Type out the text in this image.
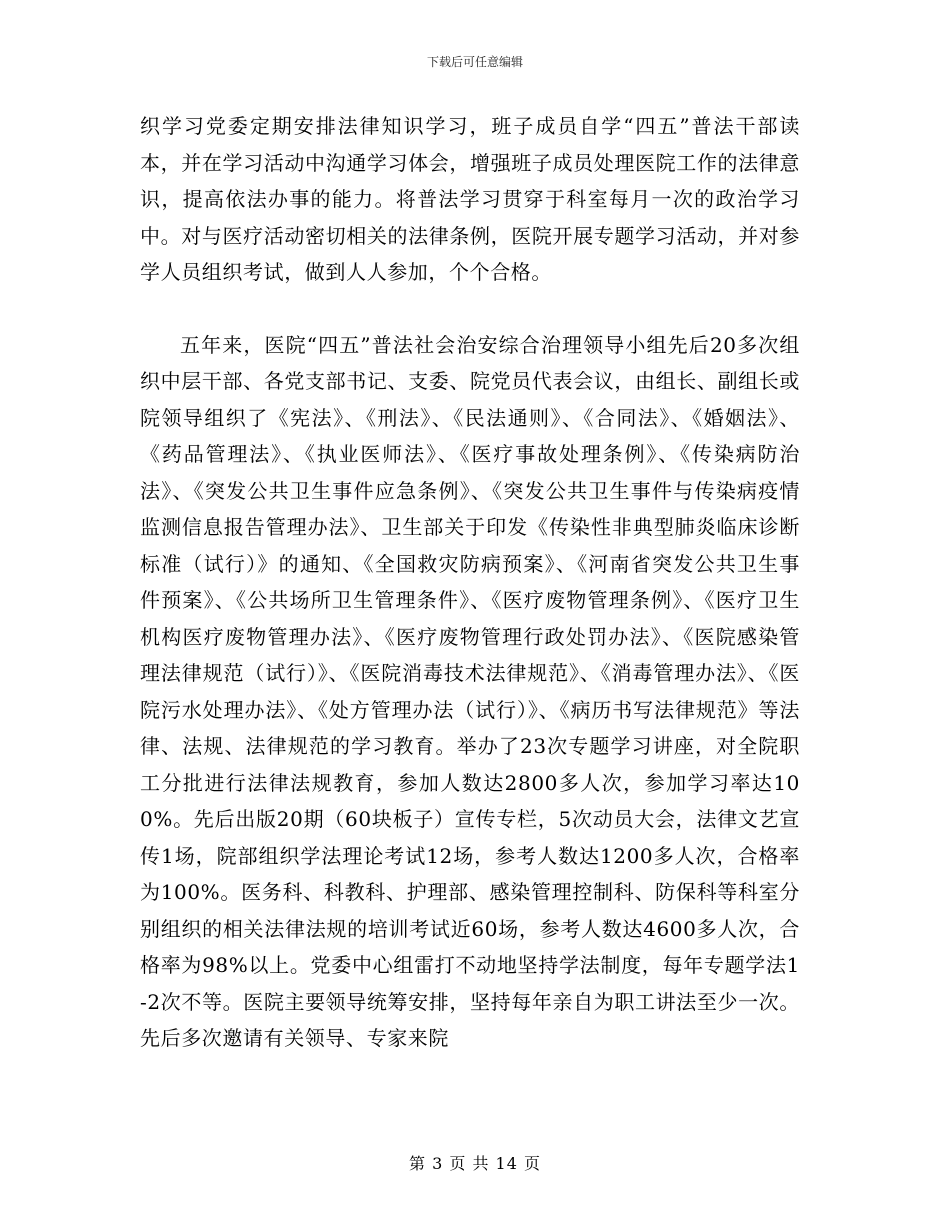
下载后可任意编辑

织学习党委定期安排法律知识学习，班子成员自学“四五”普法干部读本，并在学习活动中沟通学习体会，增强班子成员处理医院工作的法律意识，提高依法办事的能力。将普法学习贯穿于科室每月一次的政治学习中。对与医疗活动密切相关的法律条例，医院开展专题学习活动，并对参学人员组织考试，做到人人参加，个个合格。

五年来，医院“四五”普法社会治安综合治理领导小组先后20多次组织中层干部、各党支部书记、支委、院党员代表会议，由组长、副组长或院领导组织了《宪法》、《刑法》、《民法通则》、《合同法》、《婚姻法》、《药品管理法》、《执业医师法》、《医疗事故处理条例》、《传染病防治法》、《突发公共卫生事件应急条例》、《突发公共卫生事件与传染病疫情监测信息报告管理办法》、卫生部关于印发《传染性非典型肺炎临床诊断标准（试行）》的通知、《全国救灾防病预案》、《河南省突发公共卫生事件预案》、《公共场所卫生管理条件》、《医疗废物管理条例》、《医疗卫生机构医疗废物管理办法》、《医疗废物管理行政处罚办法》、《医院感染管理法律规范（试行）》、《医院消毒技术法律规范》、《消毒管理办法》、《医院污水处理办法》、《处方管理办法（试行）》、《病历书写法律规范》等法律、法规、法律规范的学习教育。举办了23次专题学习讲座，对全院职工分批进行法律法规教育，参加人数达2800多人次，参加学习率达100%。先后出版20期（60块板子）宣传专栏，5次动员大会，法律文艺宣传1场，院部组织学法理论考试12场，参考人数达1200多人次，合格率为100%。医务科、科教科、护理部、感染管理控制科、防保科等科室分别组织的相关法律法规的培训考试近60场，参考人数达4600多人次，合格率为98%以上。党委中心组雷打不动地坚持学法制度，每年专题学法1-2次不等。医院主要领导统筹安排，坚持每年亲自为职工讲法至少一次。先后多次邀请有关领导、专家来院

第 3 页 共 14 页
